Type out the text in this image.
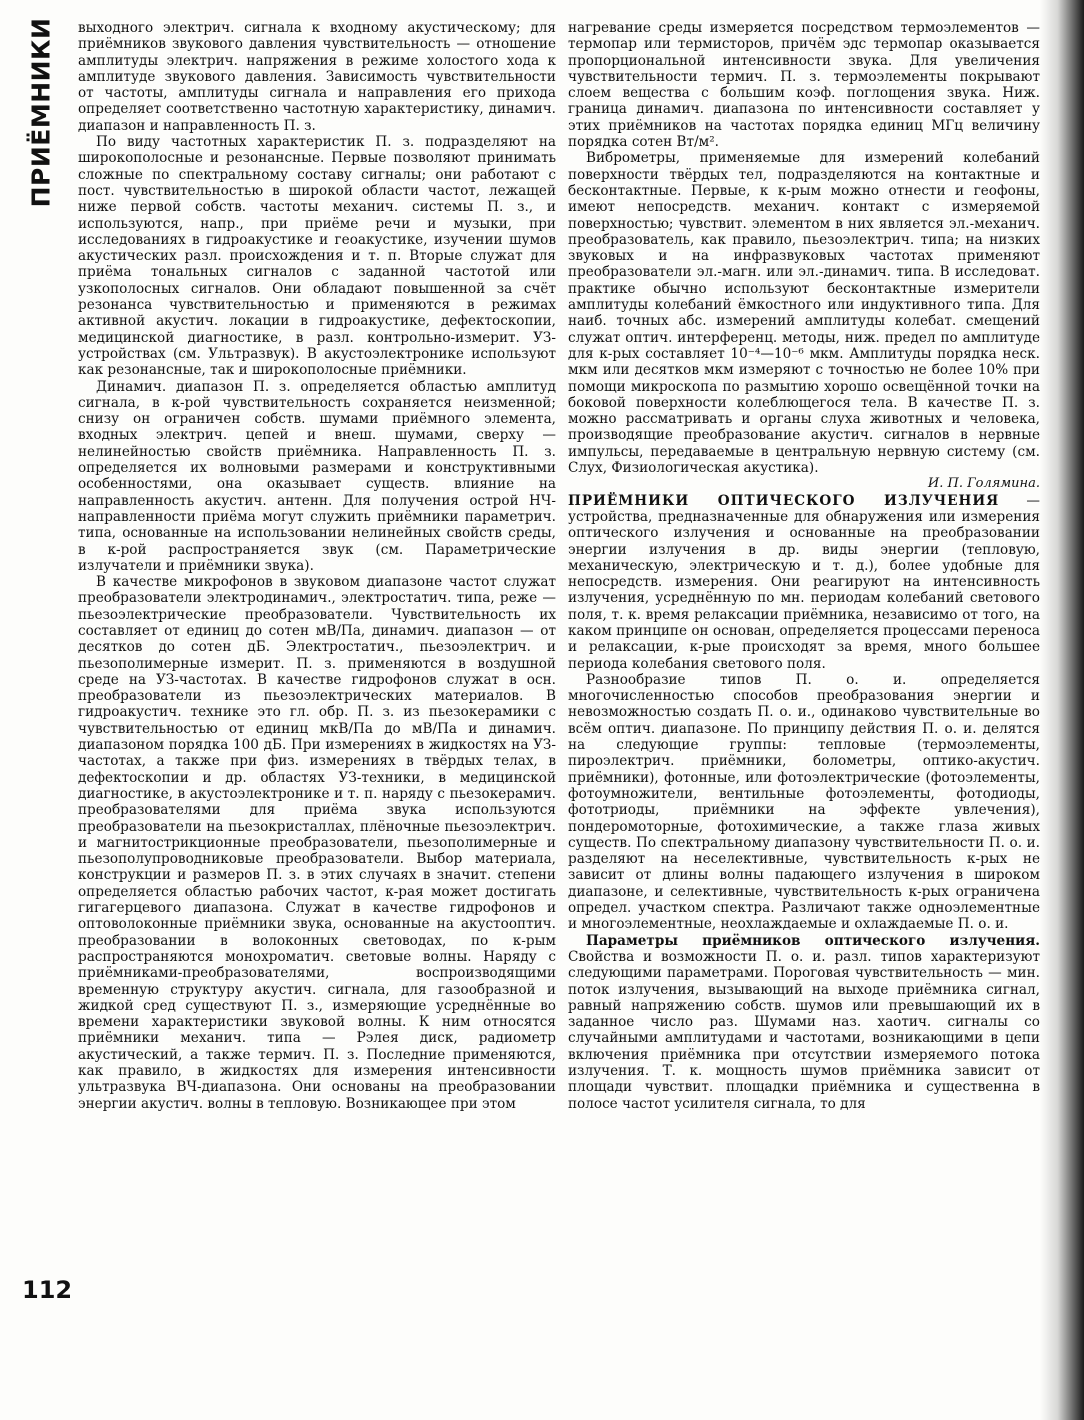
ПРИЁМНИКИ выходного электрич. сигнала к входному акустическому; для приёмников звукового давления чувствительность — отношение амплитуды электрич. напряжения в режиме холостого хода к амплитуде звукового давления. Зависимость чувствительности от частоты, амплитуды сигнала и направления его прихода определяет соответственно частотную характеристику, динамич. диапазон и направленность П. з.

По виду частотных характеристик П. з. подразделяют на широкополосные и резонансные. Первые позволяют принимать сложные по спектральному составу сигналы; они работают с пост. чувствительностью в широкой области частот, лежащей ниже первой собств. частоты механич. системы П. з., и используются, напр., при приёме речи и музыки, при исследованиях в гидроакустике и геоакустике, изучении шумов акустических разл. происхождения и т. п. Вторые служат для приёма тональных сигналов с заданной частотой или узкополосных сигналов. Они обладают повышенной за счёт резонанса чувствительностью и применяются в режимах активной акустич. локации в гидроакустике, дефектоскопии, медицинской диагностике, в разл. контрольно-измерит. УЗ-устройствах (см. Ультразвук). В акустоэлектронике используют как резонансные, так и широкополосные приёмники.

Динамич. диапазон П. з. определяется областью амплитуд сигнала, в к-рой чувствительность сохраняется неизменной; снизу он ограничен собств. шумами приёмного элемента, входных электрич. цепей и внеш. шумами, сверху — нелинейностью свойств приёмника. Направленность П. з. определяется их волновыми размерами и конструктивными особенностями, она оказывает существ. влияние на направленность акустич. антенн. Для получения острой НЧ-направленности приёма могут служить приёмники параметрич. типа, основанные на использовании нелинейных свойств среды, в к-рой распространяется звук (см. Параметрические излучатели и приёмники звука).

В качестве микрофонов в звуковом диапазоне частот служат преобразователи электродинамич., электростатич. типа, реже — пьезоэлектрические преобразователи. Чувствительность их составляет от единиц до сотен мВ/Па, динамич. диапазон — от десятков до сотен дБ. Электростатич., пьезоэлектрич. и пьезополимерные измерит. П. з. применяются в воздушной среде на УЗ-частотах. В качестве гидрофонов служат в осн. преобразователи из пьезоэлектрических материалов. В гидроакустич. технике это гл. обр. П. з. из пьезокерамики с чувствительностью от единиц мкВ/Па до мВ/Па и динамич. диапазоном порядка 100 дБ. При измерениях в жидкостях на УЗ-частотах, а также при физ. измерениях в твёрдых телах, в дефектоскопии и др. областях УЗ-техники, в медицинской диагностике, в акустоэлектронике и т. п. наряду с пьезокерамич. преобразователями для приёма звука используются преобразователи на пьезокристаллах, плёночные пьезоэлектрич. и магнитострикционные преобразователи, пьезополимерные и пьезополупроводниковые преобразователи. Выбор материала, конструкции и размеров П. з. в этих случаях в значит. степени определяется областью рабочих частот, к-рая может достигать гигагерцевого диапазона. Служат в качестве гидрофонов и оптоволоконные приёмники звука, основанные на акустооптич. преобразовании в волоконных световодах, по к-рым распространяются монохроматич. световые волны. Наряду с приёмниками-преобразователями, воспроизводящими временную структуру акустич. сигнала, для газообразной и жидкой сред существуют П. з., измеряющие усреднённые во времени характеристики звуковой волны. К ним относятся приёмники механич. типа — Рэлея диск, радиометр акустический, а также термич. П. з. Последние применяются, как правило, в жидкостях для измерения интенсивности ультразвука ВЧ-диапазона. Они основаны на преобразовании энергии акустич. волны в тепловую. Возникающее при этом

нагревание среды измеряется посредством термоэлементов — термопар или термисторов, причём эдс термопар оказывается пропорциональной интенсивности звука. Для увеличения чувствительности термич. П. з. термоэлементы покрывают слоем вещества с большим коэф. поглощения звука. Ниж. граница динамич. диапазона по интенсивности составляет у этих приёмников на частотах порядка единиц МГц величину порядка сотен Вт/м².

Виброметры, применяемые для измерений колебаний поверхности твёрдых тел, подразделяются на контактные и бесконтактные. Первые, к к-рым можно отнести и геофоны, имеют непосредств. механич. контакт с измеряемой поверхностью; чувствит. элементом в них является эл.-механич. преобразователь, как правило, пьезоэлектрич. типа; на низких звуковых и на инфразвуковых частотах применяют преобразователи эл.-магн. или эл.-динамич. типа. В исследоват. практике обычно используют бесконтактные измерители амплитуды колебаний ёмкостного или индуктивного типа. Для наиб. точных абс. измерений амплитуды колебат. смещений служат оптич. интерференц. методы, ниж. предел по амплитуде для к-рых составляет 10⁻⁴—10⁻⁶ мкм. Амплитуды порядка неск. мкм или десятков мкм измеряют с точностью не более 10% при помощи микроскопа по размытию хорошо освещённой точки на боковой поверхности колеблющегося тела. В качестве П. з. можно рассматривать и органы слуха животных и человека, производящие преобразование акустич. сигналов в нервные импульсы, передаваемые в центральную нервную систему (см. Слух, Физиологическая акустика).

И. П. Голямина.

ПРИЁМНИКИ ОПТИЧЕСКОГО ИЗЛУЧЕНИЯ — устройства, предназначенные для обнаружения или измерения оптического излучения и основанные на преобразовании энергии излучения в др. виды энергии (тепловую, механическую, электрическую и т. д.), более удобные для непосредств. измерения. Они реагируют на интенсивность излучения, усреднённую по мн. периодам колебаний светового поля, т. к. время релаксации приёмника, независимо от того, на каком принципе он основан, определяется процессами переноса и релаксации, к-рые происходят за время, много большее периода колебания светового поля.

Разнообразие типов П. о. и. определяется многочисленностью способов преобразования энергии и невозможностью создать П. о. и., одинаково чувствительные во всём оптич. диапазоне. По принципу действия П. о. и. делятся на следующие группы: тепловые (термоэлементы, пироэлектрич. приёмники, болометры, оптико-акустич. приёмники), фотонные, или фотоэлектрические (фотоэлементы, фотоумножители, вентильные фотоэлементы, фотодиоды, фототриоды, приёмники на эффекте увлечения), пондеромоторные, фотохимические, а также глаза живых существ. По спектральному диапазону чувствительности П. о. и. разделяют на неселективные, чувствительность к-рых не зависит от длины волны падающего излучения в широком диапазоне, и селективные, чувствительность к-рых ограничена определ. участком спектра. Различают также одноэлементные и многоэлементные, неохлаждаемые и охлаждаемые П. о. и.

Параметры приёмников оптического излучения. Свойства и возможности П. о. и. разл. типов характеризуют следующими параметрами. Пороговая чувствительность — мин. поток излучения, вызывающий на выходе приёмника сигнал, равный напряжению собств. шумов или превышающий их в заданное число раз. Шумами наз. хаотич. сигналы со случайными амплитудами и частотами, возникающими в цепи включения приёмника при отсутствии измеряемого потока излучения. Т. к. мощность шумов приёмника зависит от площади чувствит. площадки приёмника и существенна в полосе частот усилителя сигнала, то для

112
